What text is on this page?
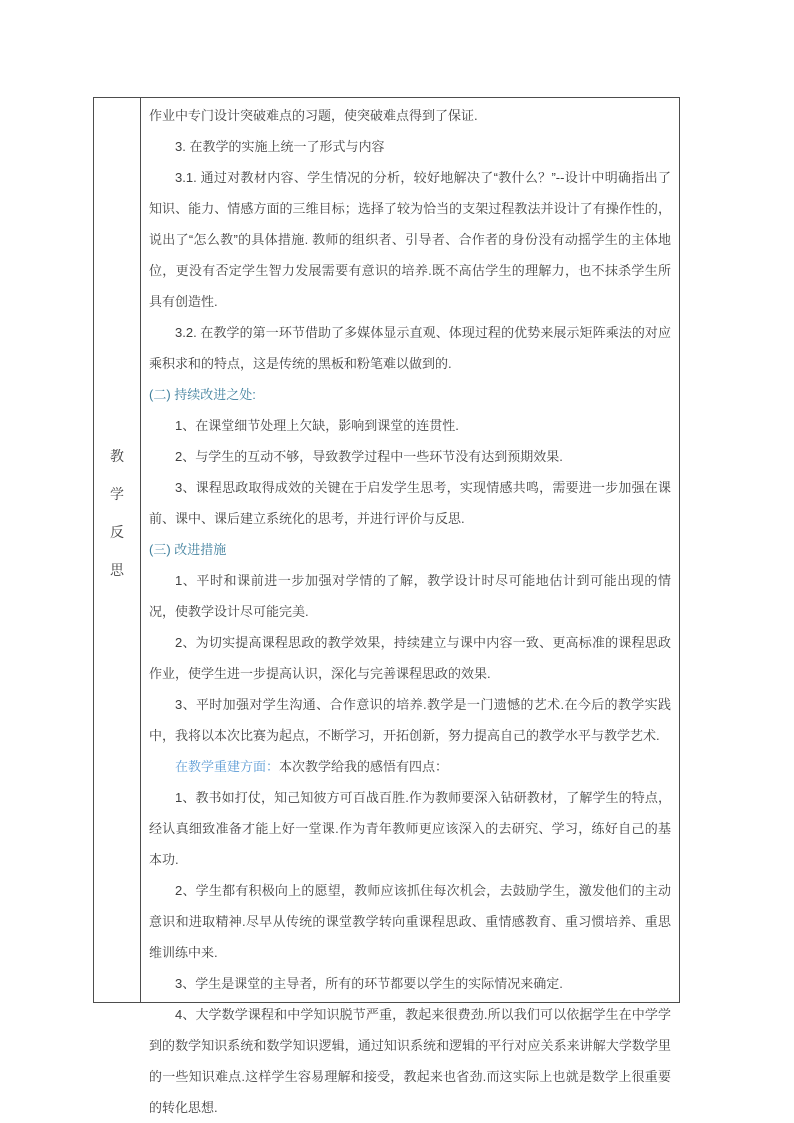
教
学
反
思

作业中专门设计突破难点的习题，使突破难点得到了保证.

3. 在教学的实施上统一了形式与内容

3.1. 通过对教材内容、学生情况的分析，较好地解决了“教什么？”--设计中明确指出了知识、能力、情感方面的三维目标；选择了较为恰当的支架过程教法并设计了有操作性的，说出了“怎么教”的具体措施. 教师的组织者、引导者、合作者的身份没有动摇学生的主体地位，更没有否定学生智力发展需要有意识的培养.既不高估学生的理解力，也不抹杀学生所具有创造性.

3.2. 在教学的第一环节借助了多媒体显示直观、体现过程的优势来展示矩阵乘法的对应乘积求和的特点，这是传统的黑板和粉笔难以做到的.

(二) 持续改进之处:

1、在课堂细节处理上欠缺，影响到课堂的连贯性.

2、与学生的互动不够，导致教学过程中一些环节没有达到预期效果.

3、课程思政取得成效的关键在于启发学生思考，实现情感共鸣，需要进一步加强在课前、课中、课后建立系统化的思考，并进行评价与反思.

(三) 改进措施

1、平时和课前进一步加强对学情的了解，教学设计时尽可能地估计到可能出现的情况，使教学设计尽可能完美.

2、为切实提高课程思政的教学效果，持续建立与课中内容一致、更高标准的课程思政作业，使学生进一步提高认识，深化与完善课程思政的效果.

3、平时加强对学生沟通、合作意识的培养.教学是一门遗憾的艺术.在今后的教学实践中，我将以本次比赛为起点，不断学习，开拓创新，努力提高自己的教学水平与教学艺术.

在教学重建方面：本次教学给我的感悟有四点：

1、教书如打仗，知己知彼方可百战百胜.作为教师要深入钻研教材，了解学生的特点，经认真细致准备才能上好一堂课.作为青年教师更应该深入的去研究、学习，练好自己的基本功.

2、学生都有积极向上的愿望，教师应该抓住每次机会，去鼓励学生，激发他们的主动意识和进取精神.尽早从传统的课堂教学转向重课程思政、重情感教育、重习惯培养、重思维训练中来.

3、学生是课堂的主导者，所有的环节都要以学生的实际情况来确定.

4、大学数学课程和中学知识脱节严重，教起来很费劲.所以我们可以依据学生在中学学到的数学知识系统和数学知识逻辑，通过知识系统和逻辑的平行对应关系来讲解大学数学里的一些知识难点.这样学生容易理解和接受，教起来也省劲.而这实际上也就是数学上很重要的转化思想.
